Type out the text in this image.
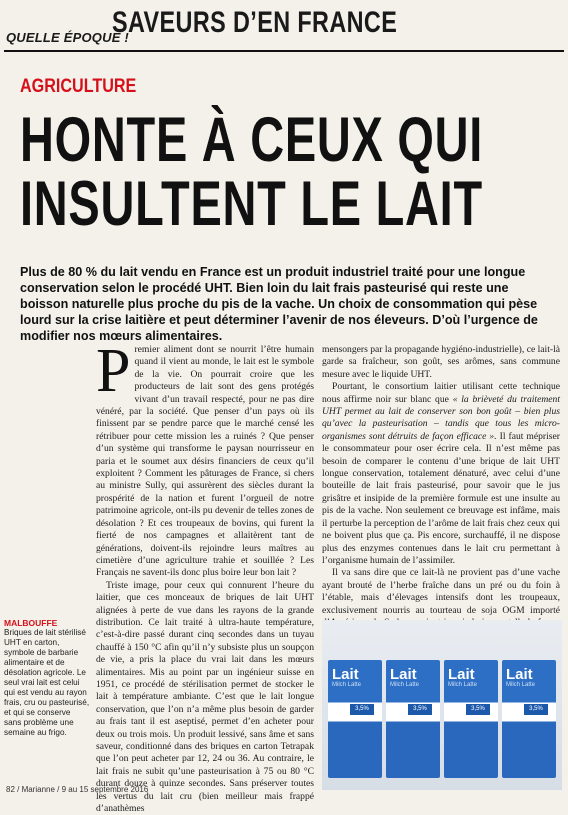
QUELLE ÉPOQUE !
SAVEURS D’EN FRANCE
AGRICULTURE
HONTE À CEUX QUI
INSULTENT LE LAIT
Plus de 80 % du lait vendu en France est un produit industriel traité pour une longue conservation selon le procédé UHT. Bien loin du lait frais pasteurisé qui reste une boisson naturelle plus proche du pis de la vache. Un choix de consommation qui pèse lourd sur la crise laitière et peut déterminer l’avenir de nos éleveurs. D’où l’urgence de modifier nos mœurs alimentaires.
P remier aliment dont se nourrit l’être humain quand il vient au monde, le lait est le symbole de la vie. On pourrait croire que les producteurs de lait sont des gens protégés vivant d’un travail respecté, pour ne pas dire vénéré, par la société. Que penser d’un pays où ils finissent par se pendre parce que le marché censé les rétribuer pour cette mission les a ruinés ? Que penser d’un système qui transforme le paysan nourrisseur en paria et le soumet aux désirs financiers de ceux qu’il exploitent ? Comment les pâturages de France, si chers au ministre Sully, qui assurèrent des siècles durant la prospérité de la nation et furent l’orgueil de notre patrimoine agricole, ont-ils pu devenir de telles zones de désolation ? Et ces troupeaux de bovins, qui furent la fierté de nos campagnes et allaitèrent tant de générations, doivent-ils rejoindre leurs maîtres au cimetière d’une agriculture trahie et souillée ? Les Français ne savent-ils donc plus boire leur bon lait ?
Triste image, pour ceux qui connurent l’heure du laitier, que ces monceaux de briques de lait UHT alignées à perte de vue dans les rayons de la grande distribution. Ce lait traité à ultra-haute température, c’est-à-dire passé durant cinq secondes dans un tuyau chauffé à 150 °C afin qu’il n’y subsiste plus un soupçon de vie, a pris la place du vrai lait dans les mœurs alimentaires. Mis au point par un ingénieur suisse en 1951, ce procédé de stérilisation permet de stocker le lait à température ambiante. C’est que le lait longue conservation, que l’on n’a même plus besoin de garder au frais tant il est aseptisé, permet d’en acheter pour deux ou trois mois. Un produit lessivé, sans âme et sans saveur, conditionné dans des briques en carton Tetrapak que l’on peut acheter par 12, 24 ou 36. Au contraire, le lait frais ne subit qu’une pasteurisation à 75 ou 80 °C durant douze à quinze secondes. Sans préserver toutes les vertus du lait cru (bien meilleur mais frappé d’anathèmes
mensongers par la propagande hygiéno-industrielle), ce lait-là garde sa fraîcheur, son goût, ses arômes, sans commune mesure avec le liquide UHT.
Pourtant, le consortium laitier utilisant cette technique nous affirme noir sur blanc que « la brièveté du traitement UHT permet au lait de conserver son bon goût – bien plus qu’avec la pasteurisation – tandis que tous les micro-organismes sont détruits de façon efficace ». Il faut mépriser le consommateur pour oser écrire cela. Il n’est même pas besoin de comparer le contenu d’une brique de lait UHT longue conservation, totalement dénaturé, avec celui d’une bouteille de lait frais pasteurisé, pour savoir que le jus grisâtre et insipide de la première formule est une insulte au pis de la vache. Non seulement ce breuvage est infâme, mais il perturbe la perception de l’arôme de lait frais chez ceux qui ne boivent plus que ça. Pis encore, surchauffé, il ne dispose plus des enzymes contenues dans le lait cru permettant à l’organisme humain de l’assimiler.
Il va sans dire que ce lait-là ne provient pas d’une vache ayant brouté de l’herbe fraîche dans un pré ou du foin à l’étable, mais d’élevages intensifs dont les troupeaux, exclusivement nourris au tourteau de soja OGM importé
MALBOUFFE
Briques de lait stérilisé UHT en carton, symbole de barbarie alimentaire et de désolation agricole. Le seul vrai lait est celui qui est vendu au rayon frais, cru ou pasteurisé, et qui se conserve sans problème une semaine au frigo.
Lait
Milch Latte
3,5%
Lait
Milch Latte
3,5%
Lait
Milch Latte
3,5%
Lait
Milch Latte
3,5%
82 / Marianne / 9 au 15 septembre 2016
